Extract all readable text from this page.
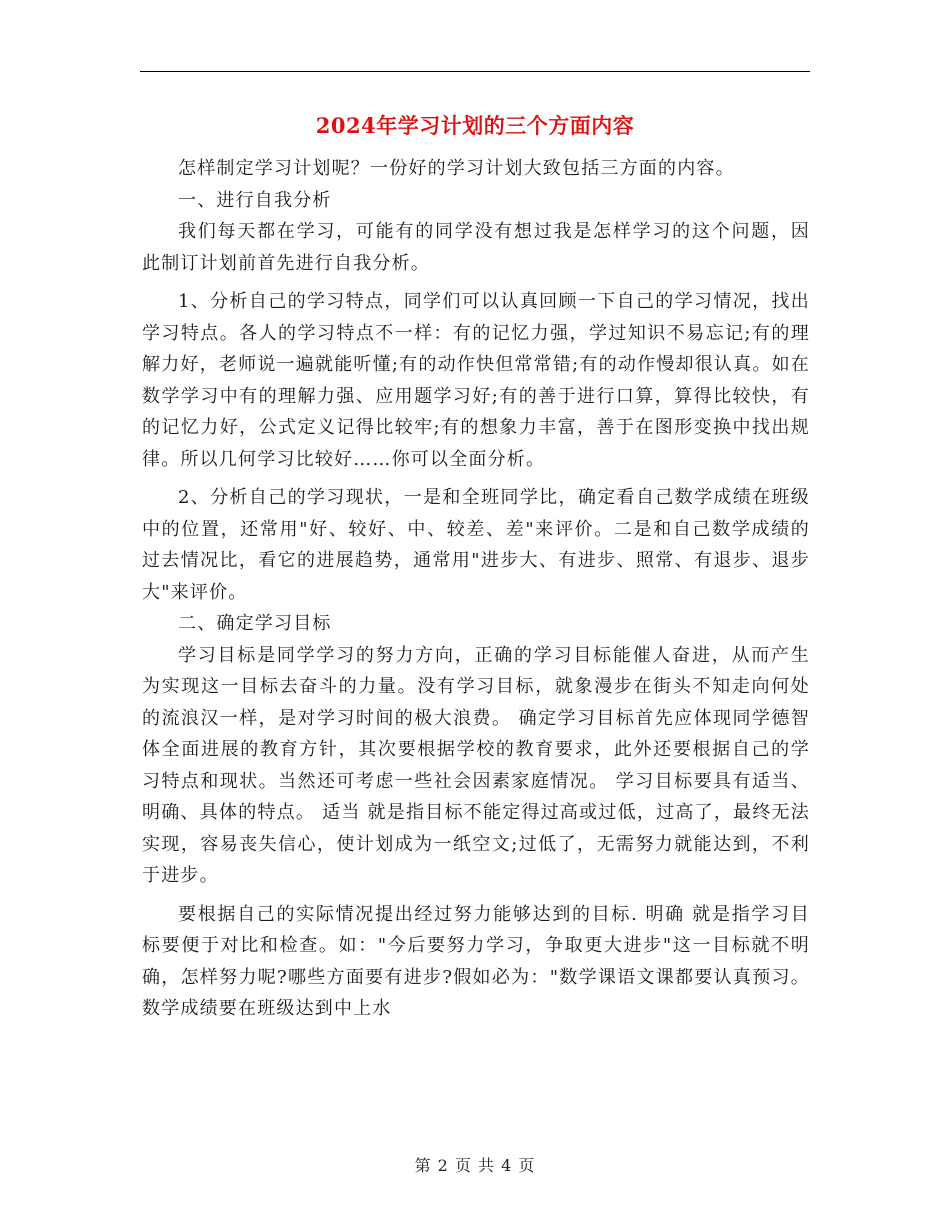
2024年学习计划的三个方面内容

怎样制定学习计划呢？一份好的学习计划大致包括三方面的内容。

一、进行自我分析

我们每天都在学习，可能有的同学没有想过我是怎样学习的这个问题，因此制订计划前首先进行自我分析。

1、分析自己的学习特点，同学们可以认真回顾一下自己的学习情况，找出学习特点。各人的学习特点不一样：有的记忆力强，学过知识不易忘记;有的理解力好，老师说一遍就能听懂;有的动作快但常常错;有的动作慢却很认真。如在数学学习中有的理解力强、应用题学习好;有的善于进行口算，算得比较快，有的记忆力好，公式定义记得比较牢;有的想象力丰富，善于在图形变换中找出规律。所以几何学习比较好……你可以全面分析。

2、分析自己的学习现状，一是和全班同学比，确定看自己数学成绩在班级中的位置，还常用"好、较好、中、较差、差"来评价。二是和自己数学成绩的过去情况比，看它的进展趋势，通常用"进步大、有进步、照常、有退步、退步大"来评价。

二、确定学习目标

学习目标是同学学习的努力方向，正确的学习目标能催人奋进，从而产生为实现这一目标去奋斗的力量。没有学习目标，就象漫步在街头不知走向何处的流浪汉一样，是对学习时间的极大浪费。 确定学习目标首先应体现同学德智体全面进展的教育方针，其次要根据学校的教育要求，此外还要根据自己的学习特点和现状。当然还可考虑一些社会因素家庭情况。 学习目标要具有适当、明确、具体的特点。 适当 就是指目标不能定得过高或过低，过高了，最终无法实现，容易丧失信心，使计划成为一纸空文;过低了，无需努力就能达到，不利于进步。

要根据自己的实际情况提出经过努力能够达到的目标. 明确 就是指学习目标要便于对比和检查。如："今后要努力学习，争取更大进步"这一目标就不明确，怎样努力呢?哪些方面要有进步?假如必为："数学课语文课都要认真预习。数学成绩要在班级达到中上水

第 2 页 共 4 页
